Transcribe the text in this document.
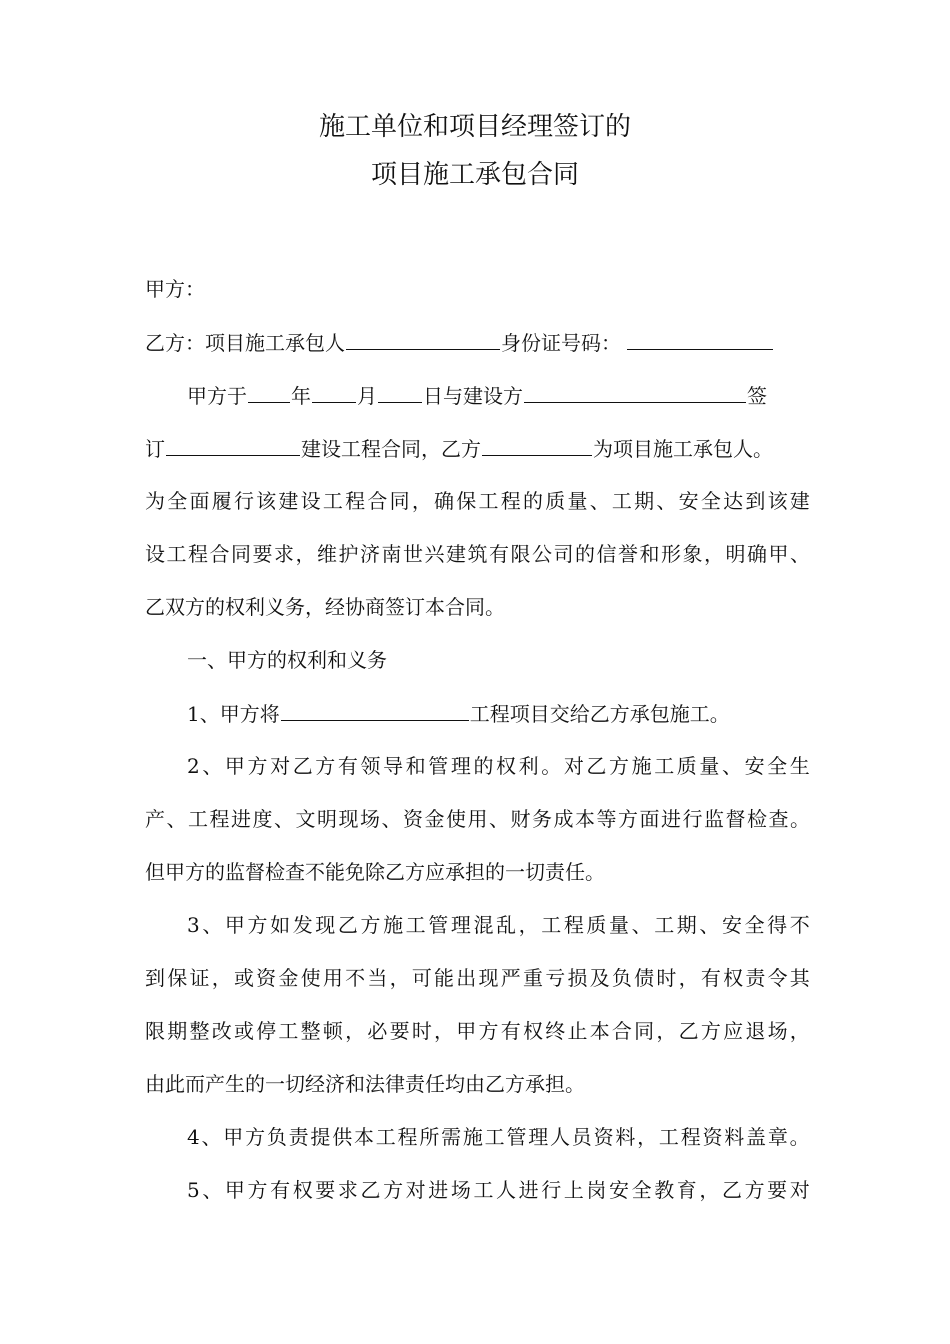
施工单位和项目经理签订的
项目施工承包合同
甲方：
乙方：项目施工承包人	身份证号码：
甲方于 年 月 日与建设方	签
订	建设工程合同，乙方	为项目施工承包人。
为 全 面 履 行 该 建 设 工 程 合 同 ， 确 保 工 程 的 质 量 、 工 期 、 安 全 达 到 该 建
设 工 程 合 同 要 求 ， 维 护 济 南 世 兴 建 筑 有 限 公 司 的 信 誉 和 形 象 ， 明 确 甲 、
乙 双 方 的 权 利 义 务 ， 经 协 商 签 订 本 合 同 。
一、甲方的权利和义务
1、甲方将	工程项目交给乙方承包施工。
2 、 甲 方 对 乙 方 有 领 导 和 管 理 的 权 利 。 对 乙 方 施 工 质 量 、 安 全 生
产 、 工 程 进 度 、 文 明 现 场 、 资 金 使 用 、 财 务 成 本 等 方 面 进 行 监 督 检 查 。
但 甲 方 的 监 督 检 查 不 能 免 除 乙 方 应 承 担 的 一 切 责 任 。
3 、 甲 方 如 发 现 乙 方 施 工 管 理 混 乱 ， 工 程 质 量 、 工 期 、 安 全 得 不
到 保 证 ， 或 资 金 使 用 不 当 ， 可 能 出 现 严 重 亏 损 及 负 债 时 ， 有 权 责 令 其
限 期 整 改 或 停 工 整 顿 ， 必 要 时 ， 甲 方 有 权 终 止 本 合 同 ， 乙 方 应 退 场 ，
由 此 而 产 生 的 一 切 经 济 和 法 律 责 任 均 由 乙 方 承 担 。
4 、 甲 方 负 责 提 供 本 工 程 所 需 施 工 管 理 人 员 资 料 ， 工 程 资 料 盖 章 。
5 、 甲 方 有 权 要 求 乙 方 对 进 场 工 人 进 行 上 岗 安 全 教 育 ， 乙 方 要 对
